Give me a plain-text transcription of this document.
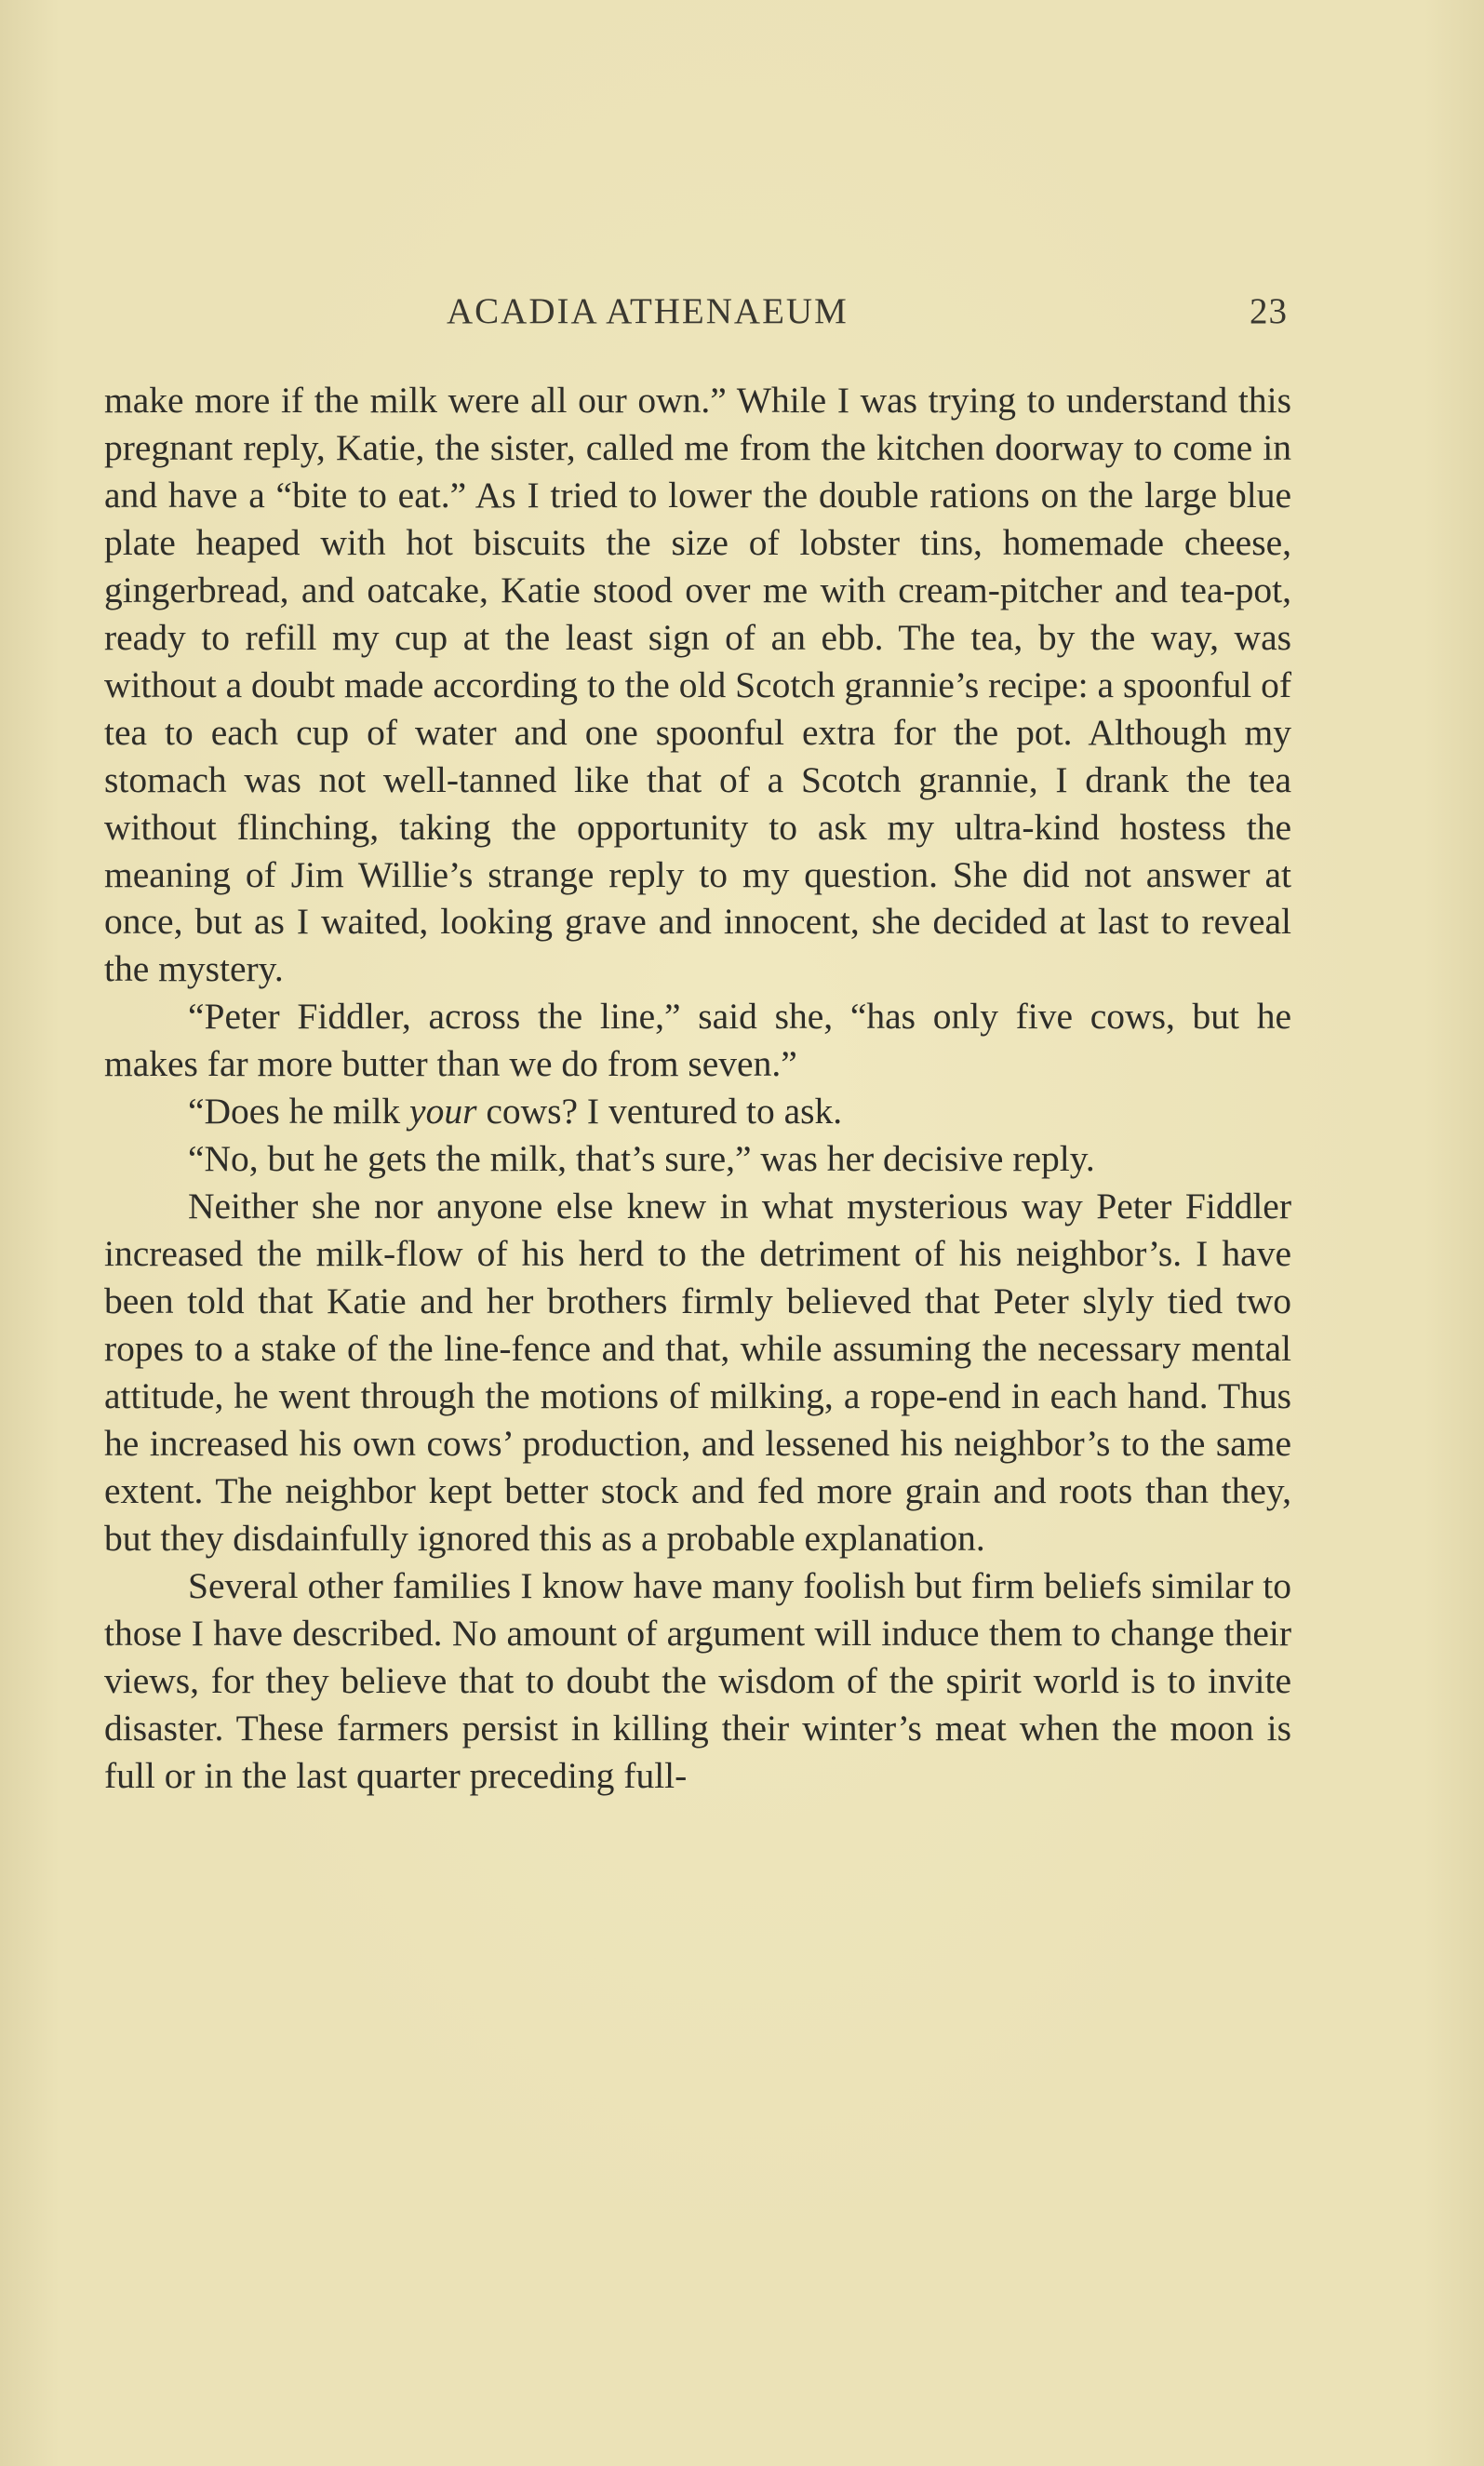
ACADIA ATHENAEUM	23

make more if the milk were all our own.” While I was trying to understand this pregnant reply, Katie, the sister, called me from the kitchen doorway to come in and have a “bite to eat.” As I tried to lower the double rations on the large blue plate heaped with hot biscuits the size of lobster tins, homemade cheese, gingerbread, and oatcake, Katie stood over me with cream-pitcher and tea-pot, ready to refill my cup at the least sign of an ebb. The tea, by the way, was without a doubt made according to the old Scotch grannie’s recipe: a spoonful of tea to each cup of water and one spoonful extra for the pot. Although my stomach was not well-tanned like that of a Scotch grannie, I drank the tea without flinching, taking the opportunity to ask my ultra-kind hostess the meaning of Jim Willie’s strange reply to my question. She did not answer at once, but as I waited, looking grave and innocent, she decided at last to reveal the mystery.

“Peter Fiddler, across the line,” said she, “has only five cows, but he makes far more butter than we do from seven.”

“Does he milk your cows? I ventured to ask.

“No, but he gets the milk, that’s sure,” was her decisive reply.

Neither she nor anyone else knew in what mysterious way Peter Fiddler increased the milk-flow of his herd to the detriment of his neighbor’s. I have been told that Katie and her brothers firmly believed that Peter slyly tied two ropes to a stake of the line-fence and that, while assuming the necessary mental attitude, he went through the motions of milking, a rope-end in each hand. Thus he increased his own cows’ production, and lessened his neighbor’s to the same extent. The neighbor kept better stock and fed more grain and roots than they, but they disdainfully ignored this as a probable explanation.

Several other families I know have many foolish but firm beliefs similar to those I have described. No amount of argument will induce them to change their views, for they believe that to doubt the wisdom of the spirit world is to invite disaster. These farmers persist in killing their winter’s meat when the moon is full or in the last quarter preceding full-
